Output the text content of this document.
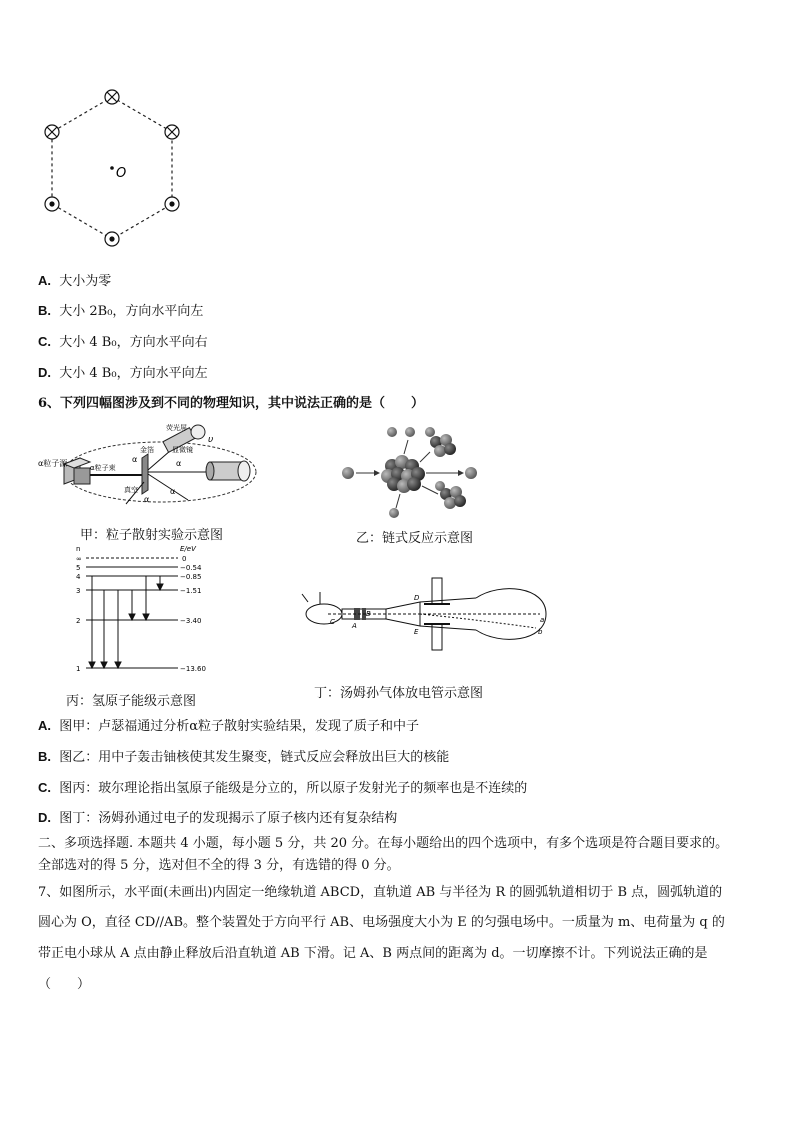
O
A. 大小为零
B. 大小 2B₀，方向水平向左
C. 大小 4 B₀，方向水平向右
D. 大小 4 B₀，方向水平向左
6、下列四幅图涉及到不同的物理知识，其中说法正确的是（　　）
α粒子源	α粒子束
金箔
荧光屏
显微镜
真空
α	α
α
α
υ
甲：粒子散射实验示意图	乙：链式反应示意图
n	E/eV
∞
5
4
3
2
1
0
−0.54
−0.85
−1.51
−3.40
−13.60
丙：氢原子能级示意图
C A
B
D
E
a
b
丁：汤姆孙气体放电管示意图
A. 图甲：卢瑟福通过分析α粒子散射实验结果，发现了质子和中子
B. 图乙：用中子轰击铀核使其发生聚变，链式反应会释放出巨大的核能
C. 图丙：玻尔理论指出氢原子能级是分立的，所以原子发射光子的频率也是不连续的
D. 图丁：汤姆孙通过电子的发现揭示了原子核内还有复杂结构
二、多项选择题. 本题共 4 小题，每小题 5 分，共 20 分。在每小题给出的四个选项中，有多个选项是符合题目要求的。
全部选对的得 5 分，选对但不全的得 3 分，有选错的得 0 分。
7、如图所示，水平面(未画出)内固定一绝缘轨道 ABCD，直轨道 AB 与半径为 R 的圆弧轨道相切于 B 点，圆弧轨道的
圆心为 O，直径 CD//AB。整个装置处于方向平行 AB、电场强度大小为 E 的匀强电场中。一质量为 m、电荷量为 q 的
带正电小球从 A 点由静止释放后沿直轨道 AB 下滑。记 A、B 两点间的距离为 d。一切摩擦不计。下列说法正确的是
（　　）
